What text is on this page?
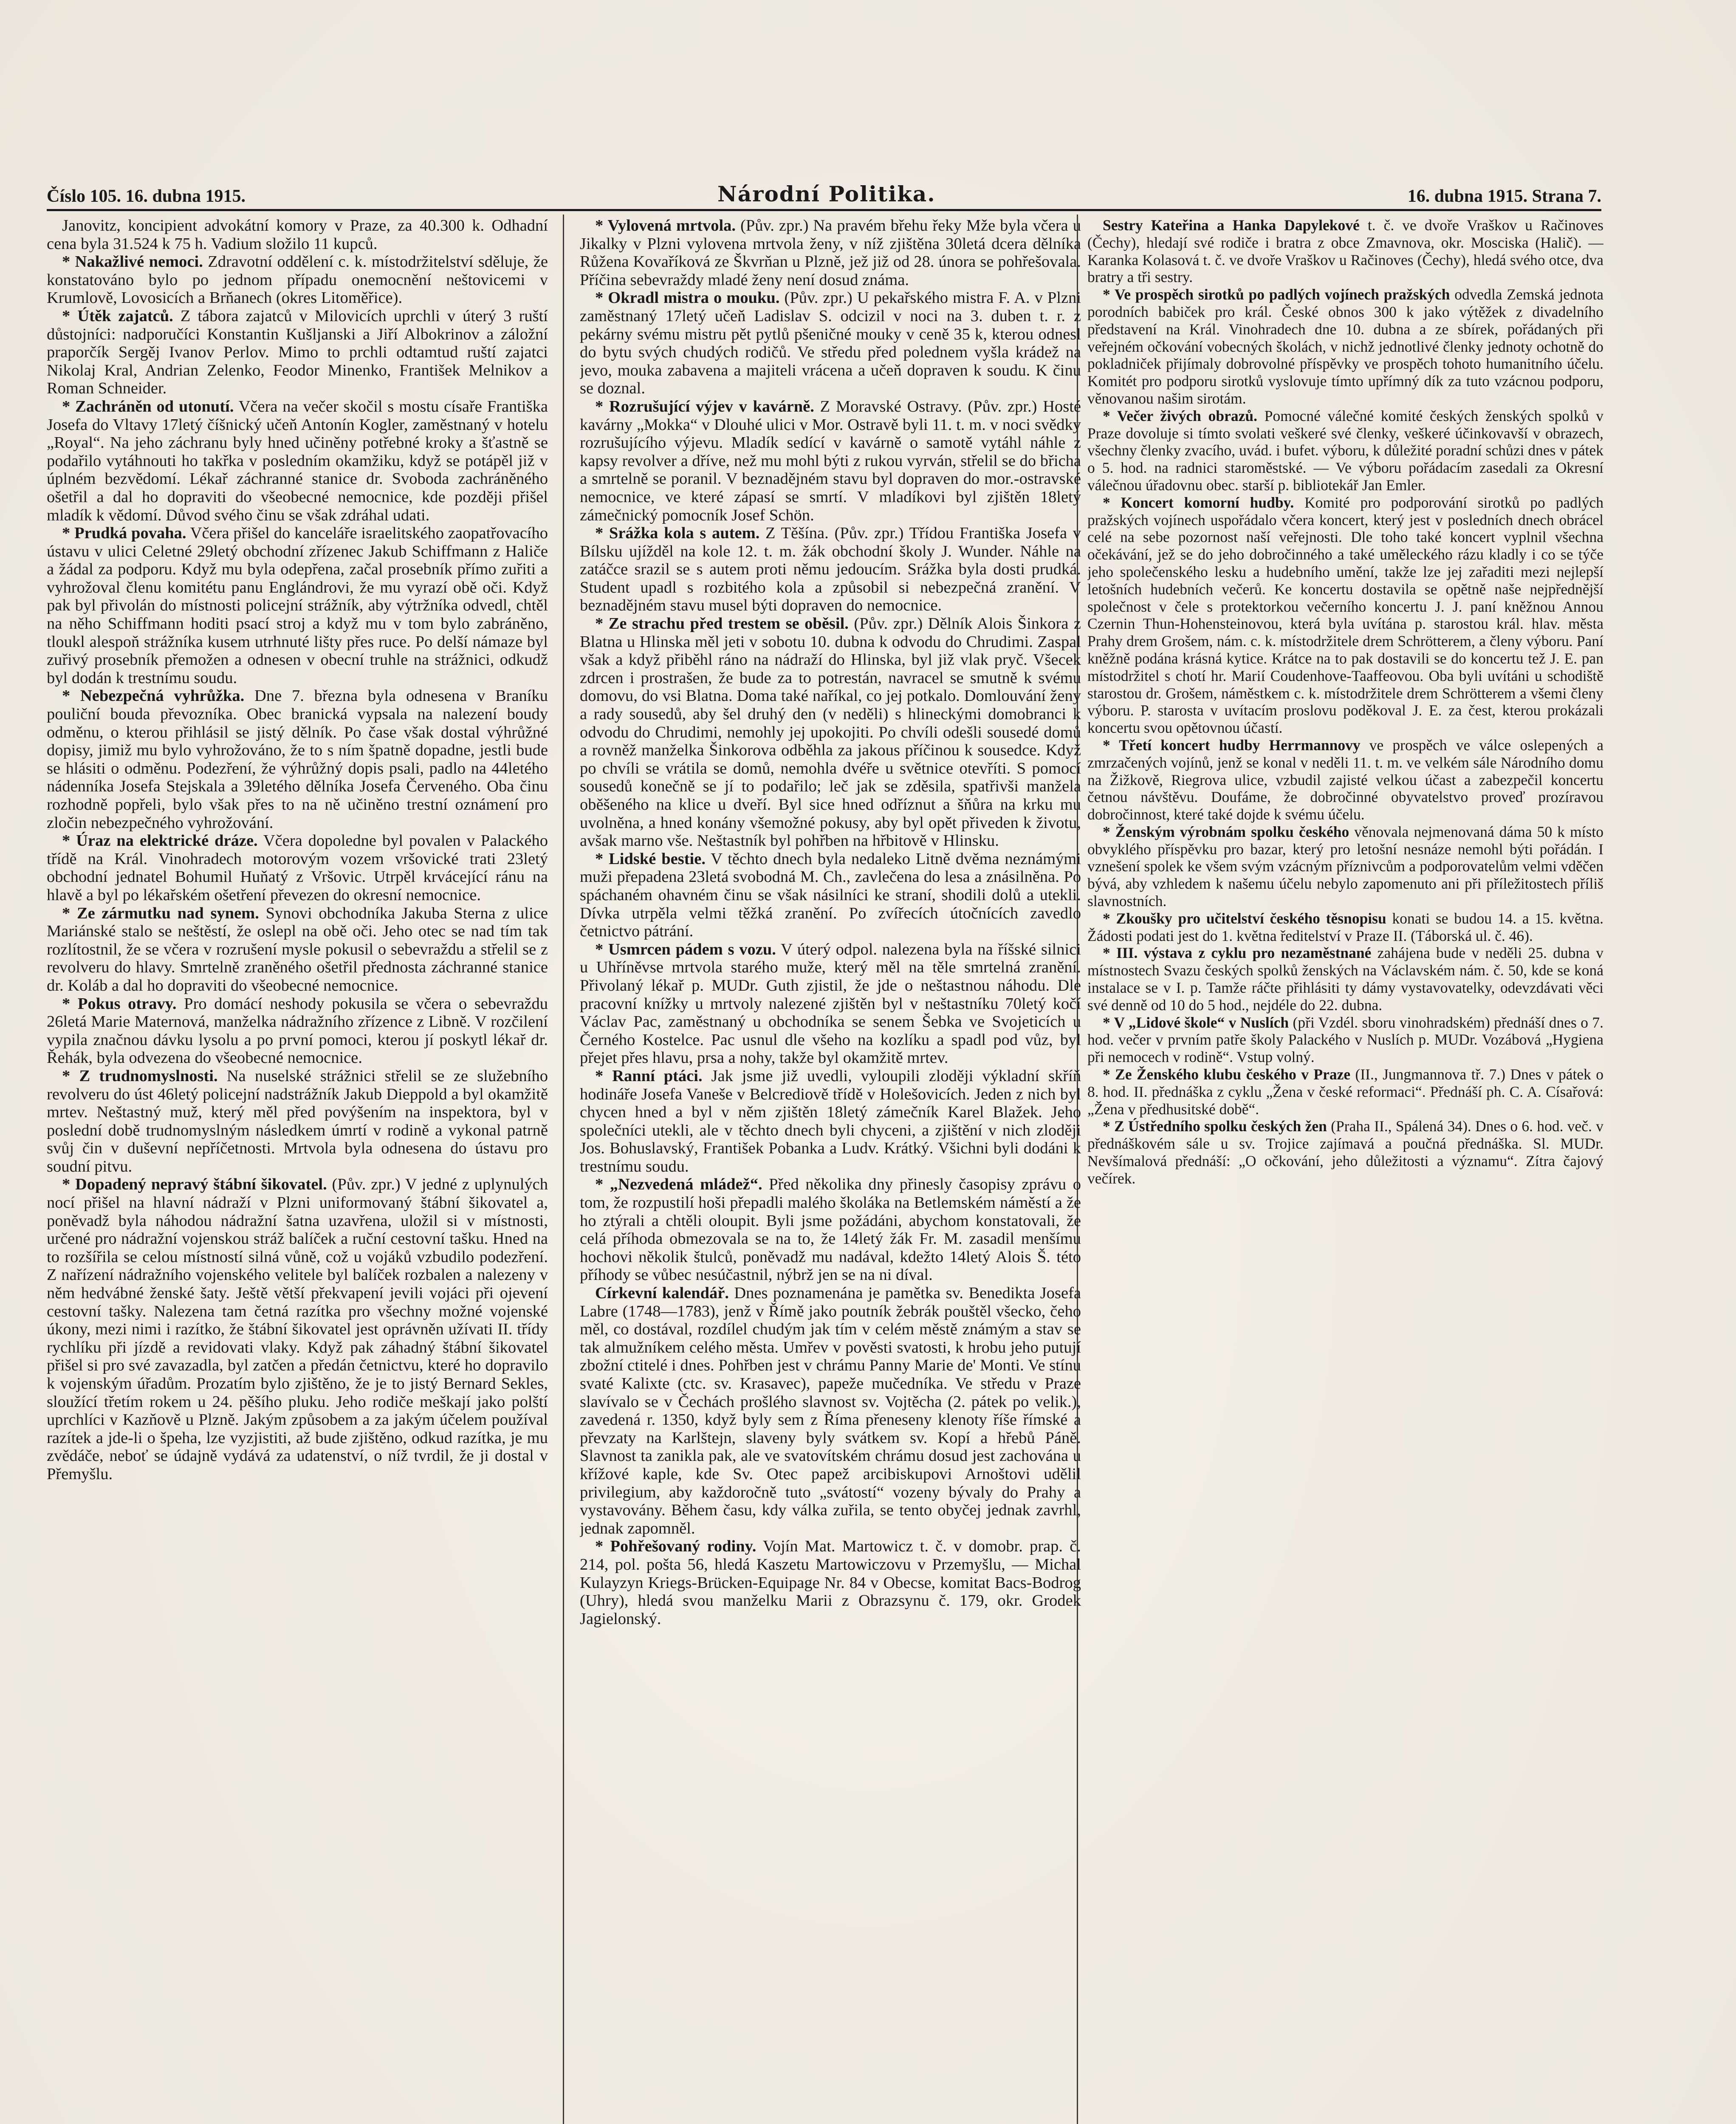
Číslo 105. 16. dubna 1915.	Národní Politika.	16. dubna 1915. Strana 7.

Janovitz, koncipient advokátní komory v Praze, za 40.300 k. Odhadní cena byla 31.524 k 75 h. Vadium složilo 11 kupců.

* Nakažlivé nemoci. Zdravotní oddělení c. k. místodržitelství sděluje, že konstatováno bylo po jednom případu onemocnění neštovicemi v Krumlově, Lovosicích a Brňanech (okres Litoměřice).

* Útěk zajatců. Z tábora zajatců v Milovicích uprchli v úterý 3 ruští důstojníci: nadporučíci Konstantin Kušljanski a Jiří Albokrinov a záložní praporčík Sergěj Ivanov Perlov. Mimo to prchli odtamtud ruští zajatci Nikolaj Kral, Andrian Zelenko, Feodor Minenko, František Melnikov a Roman Schneider.

* Zachráněn od utonutí. Včera na večer skočil s mostu císaře Františka Josefa do Vltavy 17letý číšnický učeň Antonín Kogler, zaměstnaný v hotelu „Royal“. Na jeho záchranu byly hned učiněny potřebné kroky a šťastně se podařilo vytáhnouti ho takřka v posledním okamžiku, když se potápěl již v úplném bezvědomí. Lékař záchranné stanice dr. Svoboda zachráněného ošetřil a dal ho dopraviti do všeobecné nemocnice, kde později přišel mladík k vědomí. Důvod svého činu se však zdráhal udati.

* Prudká povaha. Včera přišel do kanceláře israelitského zaopatřovacího ústavu v ulici Celetné 29letý obchodní zřízenec Jakub Schiffmann z Haliče a žádal za podporu. Když mu byla odepřena, začal prosebník přímo zuřiti a vyhrožoval členu komitétu panu Englándrovi, že mu vyrazí obě oči. Když pak byl přivolán do místnosti policejní strážník, aby výtržníka odvedl, chtěl na něho Schiffmann hoditi psací stroj a když mu v tom bylo zabráněno, tloukl alespoň strážníka kusem utrhnuté lišty přes ruce. Po delší námaze byl zuřivý prosebník přemožen a odnesen v obecní truhle na strážnici, odkudž byl dodán k trestnímu soudu.

* Nebezpečná vyhrůžka. Dne 7. března byla odnesena v Braníku pouliční bouda převozníka. Obec branická vypsala na nalezení boudy odměnu, o kterou přihlásil se jistý dělník. Po čase však dostal výhrůžné dopisy, jimiž mu bylo vyhrožováno, že to s ním špatně dopadne, jestli bude se hlásiti o odměnu. Podezření, že výhrůžný dopis psali, padlo na 44letého nádenníka Josefa Stejskala a 39letého dělníka Josefa Červeného. Oba činu rozhodně popřeli, bylo však přes to na ně učiněno trestní oznámení pro zločin nebezpečného vyhrožování.

* Úraz na elektrické dráze. Včera dopoledne byl povalen v Palackého třídě na Král. Vinohradech motorovým vozem vršovické trati 23letý obchodní jednatel Bohumil Huňatý z Vršovic. Utrpěl krvácející ránu na hlavě a byl po lékařském ošetření převezen do okresní nemocnice.

* Ze zármutku nad synem. Synovi obchodníka Jakuba Sterna z ulice Mariánské stalo se neštěstí, že oslepl na obě oči. Jeho otec se nad tím tak rozlítostnil, že se včera v rozrušení mysle pokusil o sebevraždu a střelil se z revolveru do hlavy. Smrtelně zraněného ošetřil přednosta záchranné stanice dr. Koláb a dal ho dopraviti do všeobecné nemocnice.

* Pokus otravy. Pro domácí neshody pokusila se včera o sebevraždu 26letá Marie Maternová, manželka nádražního zřízence z Libně. V rozčilení vypila značnou dávku lysolu a po první pomoci, kterou jí poskytl lékař dr. Řehák, byla odvezena do všeobecné nemocnice.

* Z trudnomyslnosti. Na nuselské strážnici střelil se ze služebního revolveru do úst 46letý policejní nadstrážník Jakub Dieppold a byl okamžitě mrtev. Neštastný muž, který měl před povýšením na inspektora, byl v poslední době trudnomyslným následkem úmrtí v rodině a vykonal patrně svůj čin v duševní nepříčetnosti. Mrtvola byla odnesena do ústavu pro soudní pitvu.

* Dopadený nepravý štábní šikovatel. (Pův. zpr.) V jedné z uplynulých nocí přišel na hlavní nádraží v Plzni uniformovaný štábní šikovatel a, poněvadž byla náhodou nádražní šatna uzavřena, uložil si v místnosti, určené pro nádražní vojenskou stráž balíček a ruční cestovní tašku. Hned na to rozšířila se celou místností silná vůně, což u vojáků vzbudilo podezření. Z nařízení nádražního vojenského velitele byl balíček rozbalen a nalezeny v něm hedvábné ženské šaty. Ještě větší překvapení jevili vojáci při ojevení cestovní tašky. Nalezena tam četná razítka pro všechny možné vojenské úkony, mezi nimi i razítko, že štábní šikovatel jest oprávněn užívati II. třídy rychlíku při jízdě a revidovati vlaky. Když pak záhadný štábní šikovatel přišel si pro své zavazadla, byl zatčen a předán četnictvu, které ho dopravilo k vojenským úřadům. Prozatím bylo zjištěno, že je to jistý Bernard Sekles, sloužící třetím rokem u 24. pěšího pluku. Jeho rodiče meškají jako polští uprchlíci v Kazňově u Plzně. Jakým způsobem a za jakým účelem používal razítek a jde-li o špeha, lze vyzjistiti, až bude zjištěno, odkud razítka, je mu zvědáče, neboť se údajně vydává za udatenství, o níž tvrdil, že ji dostal v Přemyšlu.

* Vylovená mrtvola. (Pův. zpr.) Na pravém břehu řeky Mže byla včera u Jikalky v Plzni vylovena mrtvola ženy, v níž zjištěna 30letá dcera dělníka Růžena Kovaříková ze Škvrňan u Plzně, jež již od 28. února se pohřešovala. Příčina sebevraždy mladé ženy není dosud známa.

* Okradl mistra o mouku. (Pův. zpr.) U pekařského mistra F. A. v Plzni zaměstnaný 17letý učeň Ladislav S. odcizil v noci na 3. duben t. r. z pekárny svému mistru pět pytlů pšeničné mouky v ceně 35 k, kterou odnesl do bytu svých chudých rodičů. Ve středu před polednem vyšla krádež na jevo, mouka zabavena a majiteli vrácena a učeň dopraven k soudu. K činu se doznal.

* Rozrušující výjev v kavárně. Z Moravské Ostravy. (Pův. zpr.) Hosté kavárny „Mokka“ v Dlouhé ulici v Mor. Ostravě byli 11. t. m. v noci svědky rozrušujícího výjevu. Mladík sedící v kavárně o samotě vytáhl náhle z kapsy revolver a dříve, než mu mohl býti z rukou vyrván, střelil se do břicha a smrtelně se poranil. V beznadějném stavu byl dopraven do mor.-ostravské nemocnice, ve které zápasí se smrtí. V mladíkovi byl zjištěn 18letý zámečnický pomocník Josef Schön.

* Srážka kola s autem. Z Těšína. (Pův. zpr.) Třídou Františka Josefa v Bílsku ujížděl na kole 12. t. m. žák obchodní školy J. Wunder. Náhle na zatáčce srazil se s autem proti němu jedoucím. Srážka byla dosti prudká. Student upadl s rozbitého kola a způsobil si nebezpečná zranění. V beznadějném stavu musel býti dopraven do nemocnice.

* Ze strachu před trestem se oběsil. (Pův. zpr.) Dělník Alois Šinkora z Blatna u Hlinska měl jeti v sobotu 10. dubna k odvodu do Chrudimi. Zaspal však a když přiběhl ráno na nádraží do Hlinska, byl již vlak pryč. Všecek zdrcen i prostrašen, že bude za to potrestán, navracel se smutně k svému domovu, do vsi Blatna. Doma také naříkal, co jej potkalo. Domlouvání ženy a rady sousedů, aby šel druhý den (v neděli) s hlineckými domobranci k odvodu do Chrudimi, nemohly jej upokojiti. Po chvíli odešli sousedé domů a rovněž manželka Šinkorova odběhla za jakous příčinou k sousedce. Když po chvíli se vrátila se domů, nemohla dvéře u světnice otevříti. S pomocí sousedů konečně se jí to podařilo; leč jak se zděsila, spatřivši manžela oběšeného na klice u dveří. Byl sice hned odříznut a šňůra na krku mu uvolněna, a hned konány všemožné pokusy, aby byl opět přiveden k životu, avšak marno vše. Neštastník byl pohřben na hřbitově v Hlinsku.

* Lidské bestie. V těchto dnech byla nedaleko Litně dvěma neznámými muži přepadena 23letá svobodná M. Ch., zavlečena do lesa a znásilněna. Po spáchaném ohavném činu se však násilníci ke straní, shodili dolů a utekli. Dívka utrpěla velmi těžká zranění. Po zvířecích útočnících zavedlo četnictvo pátrání.

* Usmrcen pádem s vozu. V úterý odpol. nalezena byla na říšské silnici u Uhříněvse mrtvola starého muže, který měl na těle smrtelná zranění. Přivolaný lékař p. MUDr. Guth zjistil, že jde o neštastnou náhodu. Dle pracovní knížky u mrtvoly nalezené zjištěn byl v neštastníku 70letý kočí Václav Pac, zaměstnaný u obchodníka se senem Šebka ve Svojeticích u Černého Kostelce. Pac usnul dle všeho na kozlíku a spadl pod vůz, byl přejet přes hlavu, prsa a nohy, takže byl okamžitě mrtev.

* Ranní ptáci. Jak jsme již uvedli, vyloupili zloději výkladní skříň hodináře Josefa Vaneše v Belcrediově třídě v Holešovicích. Jeden z nich byl chycen hned a byl v něm zjištěn 18letý zámečník Karel Blažek. Jeho společníci utekli, ale v těchto dnech byli chyceni, a zjištění v nich zloději Jos. Bohuslavský, František Pobanka a Ludv. Krátký. Všichni byli dodáni k trestnímu soudu.

* „Nezvedená mládež“. Před několika dny přinesly časopisy zprávu o tom, že rozpustilí hoši přepadli malého školáka na Betlemském náměstí a že ho ztýrali a chtěli oloupit. Byli jsme požádáni, abychom konstatovali, že celá příhoda obmezovala se na to, že 14letý žák Fr. M. zasadil menšímu hochovi několik štulců, poněvadž mu nadával, kdežto 14letý Alois Š. této příhody se vůbec nesúčastnil, nýbrž jen se na ni díval.

Církevní kalendář. Dnes poznamenána je pamětka sv. Benedikta Josefa Labre (1748—1783), jenž v Římě jako poutník žebrák pouštěl všecko, čeho měl, co dostával, rozdílel chudým jak tím v celém městě známým a stav se tak almužníkem celého města. Umřev v pověsti svatosti, k hrobu jeho putují zbožní ctitelé i dnes. Pohřben jest v chrámu Panny Marie de' Monti. Ve stínu svaté Kalixte (ctc. sv. Krasavec), papeže mučedníka. Ve středu v Praze slavívalo se v Čechách prošlého slavnost sv. Vojtěcha (2. pátek po velik.), zavedená r. 1350, když byly sem z Říma přeneseny klenoty říše římské a převzaty na Karlštejn, slaveny byly svátkem sv. Kopí a hřebů Páně. Slavnost ta zanikla pak, ale ve svatovítském chrámu dosud jest zachována u křížové kaple, kde Sv. Otec papež arcibiskupovi Arnoštovi udělil privilegium, aby každoročně tuto „svátostí“ vozeny bývaly do Prahy a vystavovány. Během času, kdy válka zuřila, se tento obyčej jednak zavrhl, jednak zapomněl.

* Pohřešovaný rodiny. Vojín Mat. Martowicz t. č. v domobr. prap. č. 214, pol. pošta 56, hledá Kaszetu Martowiczovu v Przemyšlu, — Michal Kulayzyn Kriegs-Brücken-Equipage Nr. 84 v Obecse, komitat Bacs-Bodrog (Uhry), hledá svou manželku Marii z Obrazsynu č. 179, okr. Grodek Jagielonský.

Sestry Kateřina a Hanka Dapylekové t. č. ve dvoře Vraškov u Račinoves (Čechy), hledají své rodiče i bratra z obce Zmavnova, okr. Mosciska (Halič). — Karanka Kolasová t. č. ve dvoře Vraškov u Račinoves (Čechy), hledá svého otce, dva bratry a tři sestry.

* Ve prospěch sirotků po padlých vojínech pražských odvedla Zemská jednota porodních babiček pro král. České obnos 300 k jako výtěžek z divadelního představení na Král. Vinohradech dne 10. dubna a ze sbírek, pořádaných při veřejném očkování vobecných školách, v nichž jednotlivé členky jednoty ochotně do pokladniček přijímaly dobrovolné příspěvky ve prospěch tohoto humanitního účelu. Komitét pro podporu sirotků vyslovuje tímto upřímný dík za tuto vzácnou podporu, věnovanou našim sirotám.

* Večer živých obrazů. Pomocné válečné komité českých ženských spolků v Praze dovoluje si tímto svolati veškeré své členky, veškeré účinkovavší v obrazech, všechny členky zvacího, uvád. i bufet. výboru, k důležité poradní schůzi dnes v pátek o 5. hod. na radnici staroměstské. — Ve výboru pořádacím zasedali za Okresní válečnou úřadovnu obec. starší p. bibliotekář Jan Emler.

* Koncert komorní hudby. Komité pro podporování sirotků po padlých pražských vojínech uspořádalo včera koncert, který jest v posledních dnech obrácel celé na sebe pozornost naší veřejnosti. Dle toho také koncert vyplnil všechna očekávání, jež se do jeho dobročinného a také uměleckého rázu kladly i co se týče jeho společenského lesku a hudebního umění, takže lze jej zařaditi mezi nejlepší letošních hudebních večerů. Ke koncertu dostavila se opětně naše nejpřednější společnost v čele s protektorkou večerního koncertu J. J. paní kněžnou Annou Czernin Thun-Hohensteinovou, která byla uvítána p. starostou král. hlav. města Prahy drem Grošem, nám. c. k. místodržitele drem Schrötterem, a členy výboru. Paní kněžně podána krásná kytice. Krátce na to pak dostavili se do koncertu tež J. E. pan místodržitel s chotí hr. Marií Coudenhove-Taaffeovou. Oba byli uvítáni u schodiště starostou dr. Grošem, náměstkem c. k. místodržitele drem Schrötterem a všemi členy výboru. P. starosta v uvítacím proslovu poděkoval J. E. za čest, kterou prokázali koncertu svou opětovnou účastí.

* Třetí koncert hudby Herrmannovy ve prospěch ve válce oslepených a zmrzačených vojínů, jenž se konal v neděli 11. t. m. ve velkém sále Národního domu na Žižkově, Riegrova ulice, vzbudil zajisté velkou účast a zabezpečil koncertu četnou návštěvu. Doufáme, že dobročinné obyvatelstvo proveď prozíravou dobročinnost, které také dojde k svému účelu.

* Ženským výrobnám spolku českého věnovala nejmenovaná dáma 50 k místo obvyklého příspěvku pro bazar, který pro letošní nesnáze nemohl býti pořádán. I vznešení spolek ke všem svým vzácným příznivcům a podporovatelům velmi vděčen bývá, aby vzhledem k našemu účelu nebylo zapomenuto ani při příležitostech příliš slavnostních.

* Zkoušky pro učitelství českého těsnopisu konati se budou 14. a 15. května. Žádosti podati jest do 1. května ředitelství v Praze II. (Táborská ul. č. 46).

* III. výstava z cyklu pro nezaměstnané zahájena bude v neděli 25. dubna v místnostech Svazu českých spolků ženských na Václavském nám. č. 50, kde se koná instalace se v I. p. Tamže ráčte přihlásiti ty dámy vystavovatelky, odevzdávati věci své denně od 10 do 5 hod., nejdéle do 22. dubna.

* V „Lidové škole“ v Nuslích (při Vzdél. sboru vinohradském) přednáší dnes o 7. hod. večer v prvním patře školy Palackého v Nuslích p. MUDr. Vozábová „Hygiena při nemocech v rodině“. Vstup volný.

* Ze Ženského klubu českého v Praze (II., Jungmannova tř. 7.) Dnes v pátek o 8. hod. II. přednáška z cyklu „Žena v české reformaci“. Přednáší ph. C. A. Císařová: „Žena v předhusitské době“.

* Z Ústředního spolku českých žen (Praha II., Spálená 34). Dnes o 6. hod. več. v přednáškovém sále u sv. Trojice zajímavá a poučná přednáška. Sl. MUDr. Nevšímalová přednáší: „O očkování, jeho důležitosti a významu“. Zítra čajový večírek.
